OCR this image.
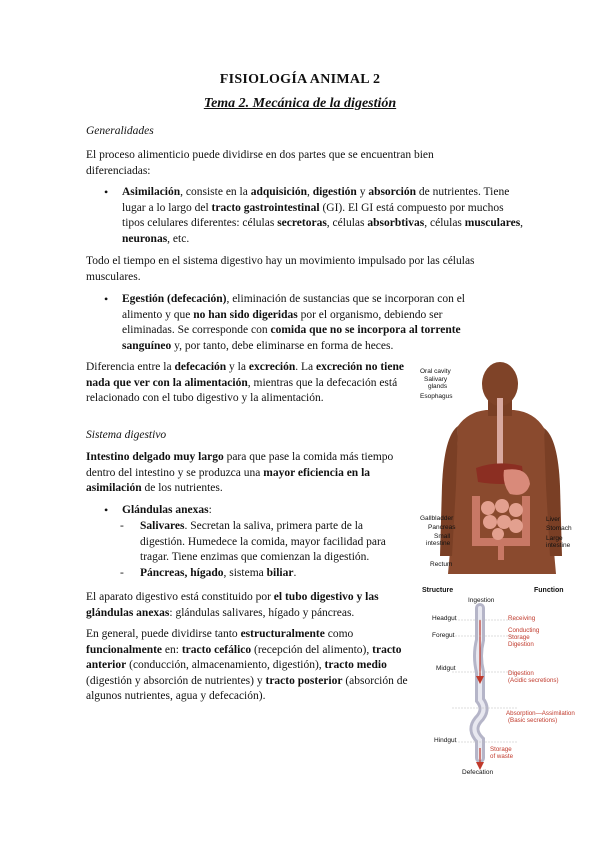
FISIOLOGÍA ANIMAL 2
Tema 2. Mecánica de la digestión
Generalidades
El proceso alimenticio puede dividirse en dos partes que se encuentran bien diferenciadas:
• Asimilación, consiste en la adquisición, digestión y absorción de nutrientes. Tiene lugar a lo largo del tracto gastrointestinal (GI). El GI está compuesto por muchos tipos celulares diferentes: células secretoras, células absorbtivas, células musculares, neuronas, etc.
Todo el tiempo en el sistema digestivo hay un movimiento impulsado por las células musculares.
• Egestión (defecación), eliminación de sustancias que se incorporan con el alimento y que no han sido digeridas por el organismo, debiendo ser eliminadas. Se corresponde con comida que no se incorpora al torrente sanguíneo y, por tanto, debe eliminarse en forma de heces.
Diferencia entre la defecación y la excreción. La excreción no tiene nada que ver con la alimentación, mientras que la defecación está relacionado con el tubo digestivo y la alimentación.
Sistema digestivo
Intestino delgado muy largo para que pase la comida más tiempo dentro del intestino y se produzca una mayor eficiencia en la asimilación de los nutrientes.
• Glándulas anexas:
- Salivares. Secretan la saliva, primera parte de la digestión. Humedece la comida, mayor facilidad para tragar. Tiene enzimas que comienzan la digestión.
- Páncreas, hígado, sistema biliar.
El aparato digestivo está constituido por el tubo digestivo y las glándulas anexas: glándulas salivares, hígado y páncreas.
En general, puede dividirse tanto estructuralmente como funcionalmente en: tracto cefálico (recepción del alimento), tracto anterior (conducción, almacenamiento, digestión), tracto medio (digestión y absorción de nutrientes) y tracto posterior (absorción de algunos nutrientes, agua y defecación).
Oral cavity
Salivary
glands
Esophagus
Gallbladder
Pancreas
Small
intestine
Rectum
Liver
Stomach
Large
intestine
Structure	Function
Ingestion
Headgut
Foregut
Midgut
Hindgut
Receiving
Conducting
Storage
Digestion
Digestion
(Acidic secretions)
Absorption—Assimilation
(Basic secretions)
Storage
of waste
Defecation
